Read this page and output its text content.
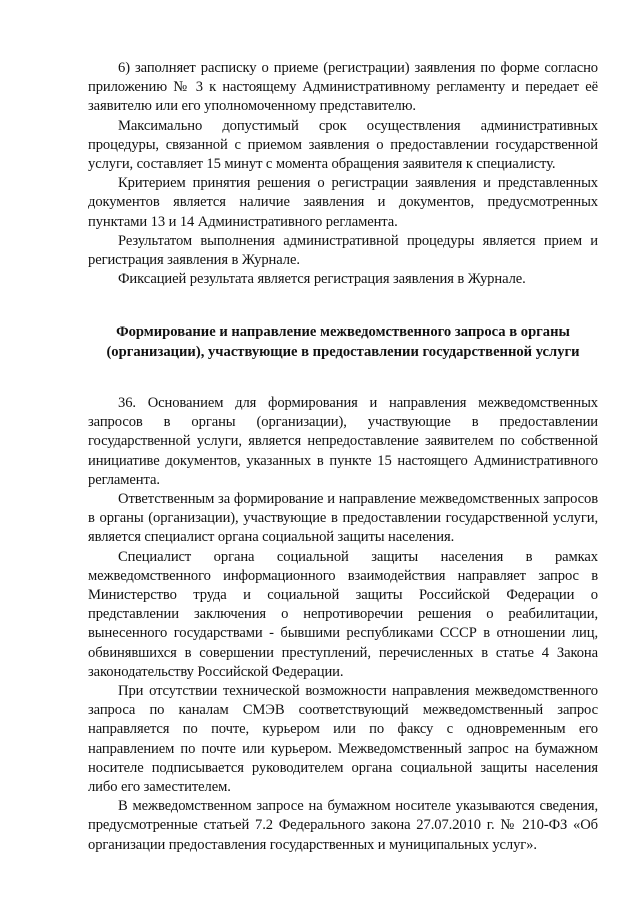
6) заполняет расписку о приеме (регистрации) заявления по форме согласно приложению № 3 к настоящему Административному регламенту и передает её заявителю или его уполномоченному представителю.

Максимально допустимый срок осуществления административных процедуры, связанной с приемом заявления о предоставлении государственной услуги, составляет 15 минут с момента обращения заявителя к специалисту.

Критерием принятия решения о регистрации заявления и представленных документов является наличие заявления и документов, предусмотренных пунктами 13 и 14 Административного регламента.

Результатом выполнения административной процедуры является прием и регистрация заявления в Журнале.

Фиксацией результата является регистрация заявления в Журнале.

Формирование и направление межведомственного запроса в органы
(организации), участвующие в предоставлении государственной услуги

36. Основанием для формирования и направления межведомственных запросов в органы (организации), участвующие в предоставлении государственной услуги, является непредоставление заявителем по собственной инициативе документов, указанных в пункте 15 настоящего Административного регламента.

Ответственным за формирование и направление межведомственных запросов в органы (организации), участвующие в предоставлении государственной услуги, является специалист органа социальной защиты населения.

Специалист органа социальной защиты населения в рамках межведомственного информационного взаимодействия направляет запрос в Министерство труда и социальной защиты Российской Федерации о представлении заключения о непротиворечии решения о реабилитации, вынесенного государствами - бывшими республиками СССР в отношении лиц, обвинявшихся в совершении преступлений, перечисленных в статье 4 Закона законодательству Российской Федерации.

При отсутствии технической возможности направления межведомственного запроса по каналам СМЭВ соответствующий межведомственный запрос направляется по почте, курьером или по факсу с одновременным его направлением по почте или курьером. Межведомственный запрос на бумажном носителе подписывается руководителем органа социальной защиты населения либо его заместителем.

В межведомственном запросе на бумажном носителе указываются сведения, предусмотренные статьей 7.2 Федерального закона 27.07.2010 г. № 210-ФЗ «Об организации предоставления государственных и муниципальных услуг».
